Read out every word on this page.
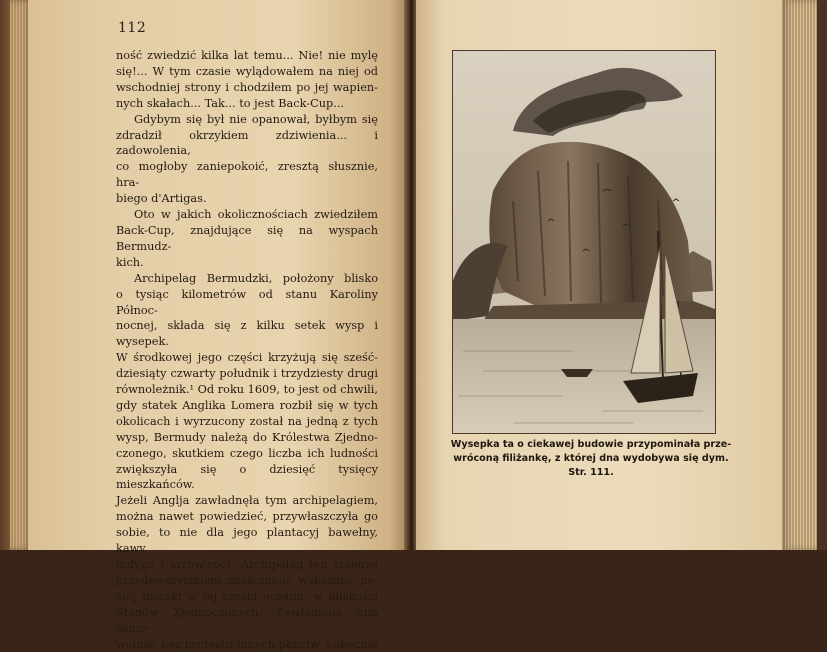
112
ność zwiedzić kilka lat temu... Nie! nie mylę
się!... W tym czasie wylądowałem na niej od
wschodniej strony i chodziłem po jej wapien-
nych skałach... Tak... to jest Back-Cup...
Gdybym się był nie opanował, byłbym się
zdradził okrzykiem zdziwienia... i zadowolenia,
co mogłoby zaniepokoić, zresztą słusznie, hra-
biego d'Artigas.
Oto w jakich okolicznościach zwiedziłem
Back-Cup, znajdujące się na wyspach Bermudz-
kich.
Archipelag Bermudzki, położony blisko
o tysiąc kilometrów od stanu Karoliny Północ-
nocnej, składa się z kilku setek wysp i wysepek.
W środkowej jego części krzyżują się sześć-
dziesiąty czwarty południk i trzydziesty drugi
równoleżnik.¹ Od roku 1609, to jest od chwili,
gdy statek Anglika Lomera rozbił się w tych
okolicach i wyrzucony został na jedną z tych
wysp, Bermudy należą do Królestwa Zjedno-
czonego, skutkiem czego liczba ich ludności
zwiększyła się o dziesięć tysięcy mieszkańców.
Jeżeli Anglja zawładnęła tym archipelagiem,
można nawet powiedzieć, przywłaszczyła go
sobie, to nie dla jego plantacyj bawełny, kawy,
indygo i arrow-root. Archipelag ten stanowi
przedewszystkiem znakomicie wskazany po-
stój morski w tej części oceanu, w bliskości
Stanów Zjednoczonych. Zawładnęła nim samo-
wolnie, bez protestu innych państw, i obecnie
Wysepka ta o ciekawej budowie przypominała prze-
wróconą filiżankę, z której dna wydobywa się dym.
Str. 111.
